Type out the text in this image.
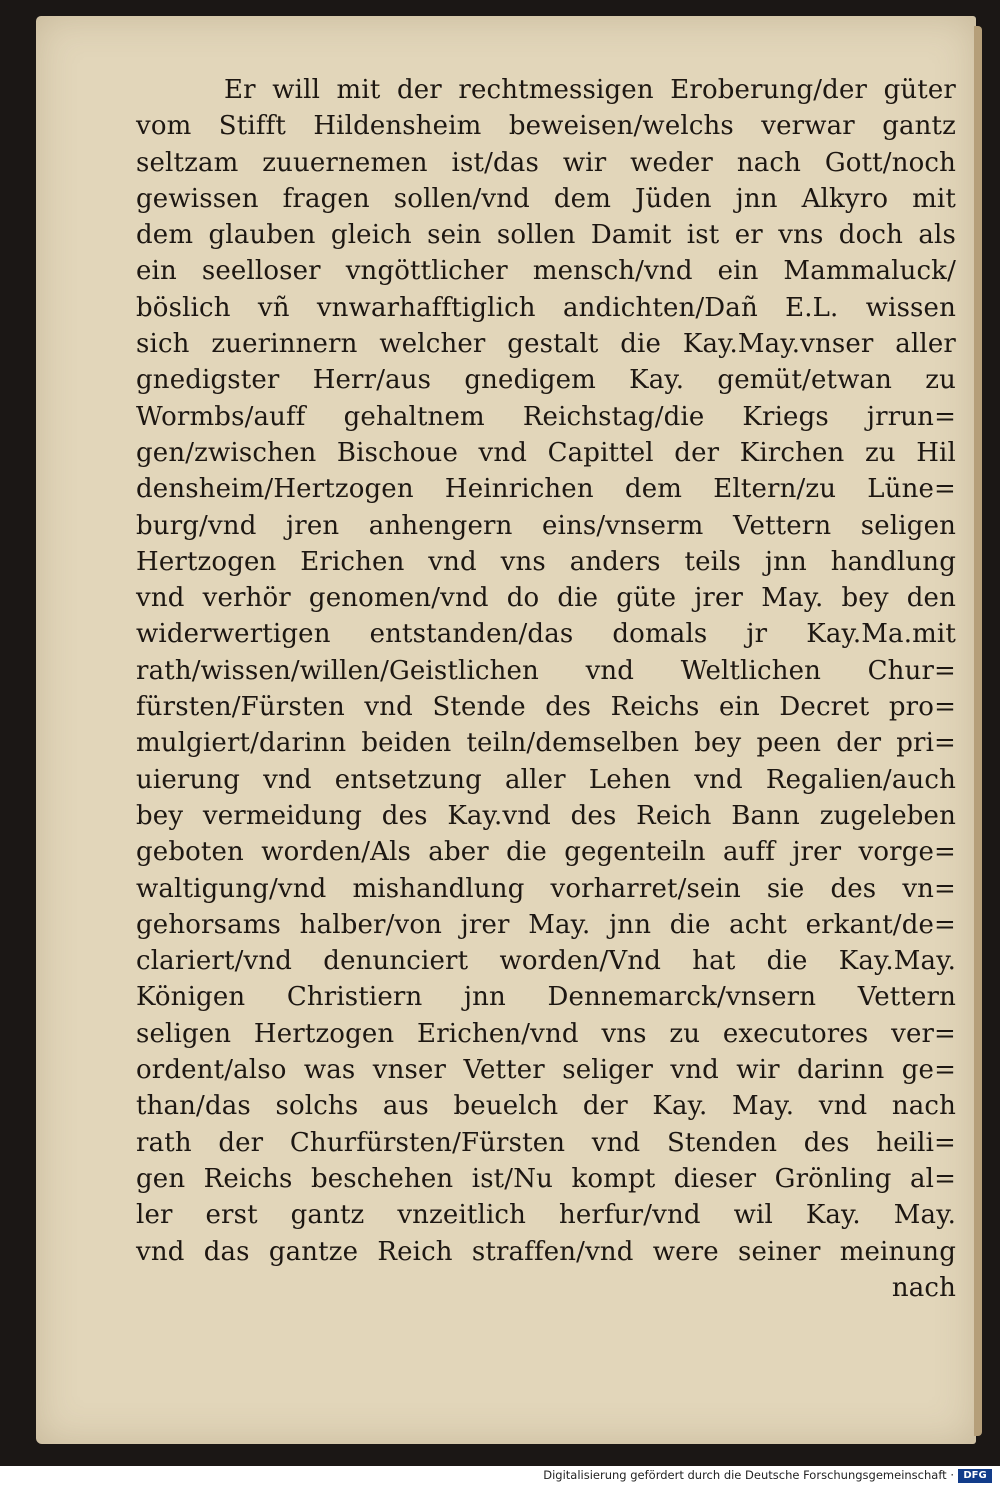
Er will mit der rechtmessigen Eroberung/der güter
vom Stifft Hildensheim beweisen/welchs verwar gantz
seltzam zuuernemen ist/das wir weder nach Gott/noch
gewissen fragen sollen/vnd dem Jüden jnn Alkyro mit
dem glauben gleich sein sollen Damit ist er vns doch als
ein seelloser vngöttlicher mensch/vnd ein Mammaluck/
böslich vñ vnwarhafftiglich andichten/Dañ E.L. wissen
sich zuerinnern welcher gestalt die Kay.May.vnser aller
gnedigster Herr/aus gnedigem Kay. gemüt/etwan zu
Wormbs/auff gehaltnem Reichstag/die Kriegs jrrun=
gen/zwischen Bischoue vnd Capittel der Kirchen zu Hil
densheim/Hertzogen Heinrichen dem Eltern/zu Lüne=
burg/vnd jren anhengern eins/vnserm Vettern seligen
Hertzogen Erichen vnd vns anders teils jnn handlung
vnd verhör genomen/vnd do die güte jrer May. bey den
widerwertigen entstanden/das domals jr Kay.Ma.mit
rath/wissen/willen/Geistlichen vnd Weltlichen Chur=
fürsten/Fürsten vnd Stende des Reichs ein Decret pro=
mulgiert/darinn beiden teiln/demselben bey peen der pri=
uierung vnd entsetzung aller Lehen vnd Regalien/auch
bey vermeidung des Kay.vnd des Reich Bann zugeleben
geboten worden/Als aber die gegenteiln auff jrer vorge=
waltigung/vnd mishandlung vorharret/sein sie des vn=
gehorsams halber/von jrer May. jnn die acht erkant/de=
clariert/vnd denunciert worden/Vnd hat die Kay.May.
Königen Christiern jnn Dennemarck/vnsern Vettern
seligen Hertzogen Erichen/vnd vns zu executores ver=
ordent/also was vnser Vetter seliger vnd wir darinn ge=
than/das solchs aus beuelch der Kay. May. vnd nach
rath der Churfürsten/Fürsten vnd Stenden des heili=
gen Reichs beschehen ist/Nu kompt dieser Grönling al=
ler erst gantz vnzeitlich herfur/vnd wil Kay. May.
vnd das gantze Reich straffen/vnd were seiner meinung
nach
Digitalisierung gefördert durch die Deutsche Forschungsgemeinschaft · DFG
